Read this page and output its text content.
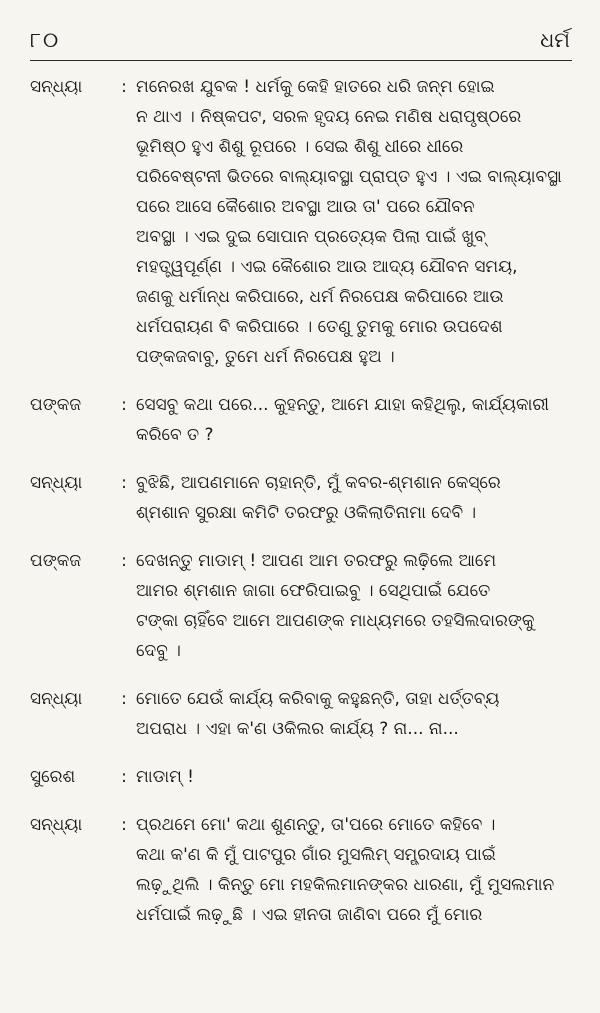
୮୦	ଧର୍ମ
ସନ୍ଧ୍ୟା	: ମନେରଖ ଯୁବକ ! ଧର୍ମକୁ କେହି ହାତରେ ଧରି ଜନ୍ମ ହୋଇ
ନ ଥାଏ । ନିଷ୍କପଟ, ସରଳ ହୃଦୟ ନେଇ ମଣିଷ ଧରାପୃଷ୍ଠରେ
ଭୂମିଷ୍ଠ ହୁଏ ଶିଶୁ ରୂପରେ । ସେଇ ଶିଶୁ ଧୀରେ ଧୀରେ
ପରିବେଷ୍ଟନୀ ଭିତରେ ବାଲ୍ୟାବସ୍ଥା ପ୍ରାପ୍ତ ହୁଏ । ଏଇ ବାଲ୍ୟାବସ୍ଥା
ପରେ ଆସେ କୈଶୋର ଅବସ୍ଥା ଆଉ ତା' ପରେ ଯୌବନ
ଅବସ୍ଥା । ଏଇ ଦୁଇ ସୋପାନ ପ୍ରତ୍ୟେକ ପିଲା ପାଇଁ ଖୁବ୍
ମହତ୍ତ୍ୱପୂର୍ଣ୍ଣ । ଏଇ କୈଶୋର ଆଉ ଆଦ୍ୟ ଯୌବନ ସମୟ,
ଜଣକୁ ଧର୍ମାନ୍ଧ କରିପାରେ, ଧର୍ମ ନିରପେକ୍ଷ କରିପାରେ ଆଉ
ଧର୍ମପରାୟଣ ବି କରିପାରେ । ତେଣୁ ତୁମକୁ ମୋର ଉପଦେଶ
ପଙ୍କଜବାବୁ, ତୁମେ ଧର୍ମ ନିରପେକ୍ଷ ହୁଅ ।
ପଙ୍କଜ	: ସେସବୁ କଥା ପରେ... କୁହନ୍ତୁ, ଆମେ ଯାହା କହିଥିଲୁ, କାର୍ଯ୍ୟକାରୀ
କରିବେ ତ ?
ସନ୍ଧ୍ୟା	: ବୁଝିଛି, ଆପଣମାନେ ଚାହାନ୍ତି, ମୁଁ କବର-ଶ୍ମଶାନ କେସ୍‌ରେ
ଶ୍ମଶାନ ସୁରକ୍ଷା କମିଟି ତରଫରୁ ଓକିଲାତିନାମା ଦେବି ।
ପଙ୍କଜ	: ଦେଖନ୍ତୁ ମାଡାମ୍ ! ଆପଣ ଆମ ତରଫରୁ ଲଢ଼ିଲେ ଆମେ
ଆମର ଶ୍ମଶାନ ଜାଗା ଫେରିପାଇବୁ । ସେଥିପାଇଁ ଯେତେ
ଟଙ୍କା ଚାହିଁବେ ଆମେ ଆପଣଙ୍କ ମାଧ୍ୟମରେ ତହସିଲଦାରଙ୍କୁ
ଦେବୁ ।
ସନ୍ଧ୍ୟା	: ମୋତେ ଯେଉଁ କାର୍ଯ୍ୟ କରିବାକୁ କହୁଛନ୍ତି, ତାହା ଧର୍ତ୍ତବ୍ୟ
ଅପରାଧ । ଏହା କ'ଣ ଓକିଲର କାର୍ଯ୍ୟ ? ନା... ନା...
ସୁରେଶ	: ମାଡାମ୍ !
ସନ୍ଧ୍ୟା	: ପ୍ରଥମେ ମୋ' କଥା ଶୁଣନ୍ତୁ, ତା'ପରେ ମୋତେ କହିବେ ।
କଥା କ'ଣ କି ମୁଁ ପାଟପୁର ଗାଁର ମୁସଲିମ୍ ସମ୍ପ୍ରଦାୟ ପାଇଁ
ଲଢ଼ୁଥିଲି । କିନ୍ତୁ ମୋ ମହକିଲମାନଙ୍କର ଧାରଣା, ମୁଁ ମୁସଲମାନ
ଧର୍ମପାଇଁ ଲଢ଼ୁଛି । ଏଇ ହୀନତା ଜାଣିବା ପରେ ମୁଁ ମୋର
